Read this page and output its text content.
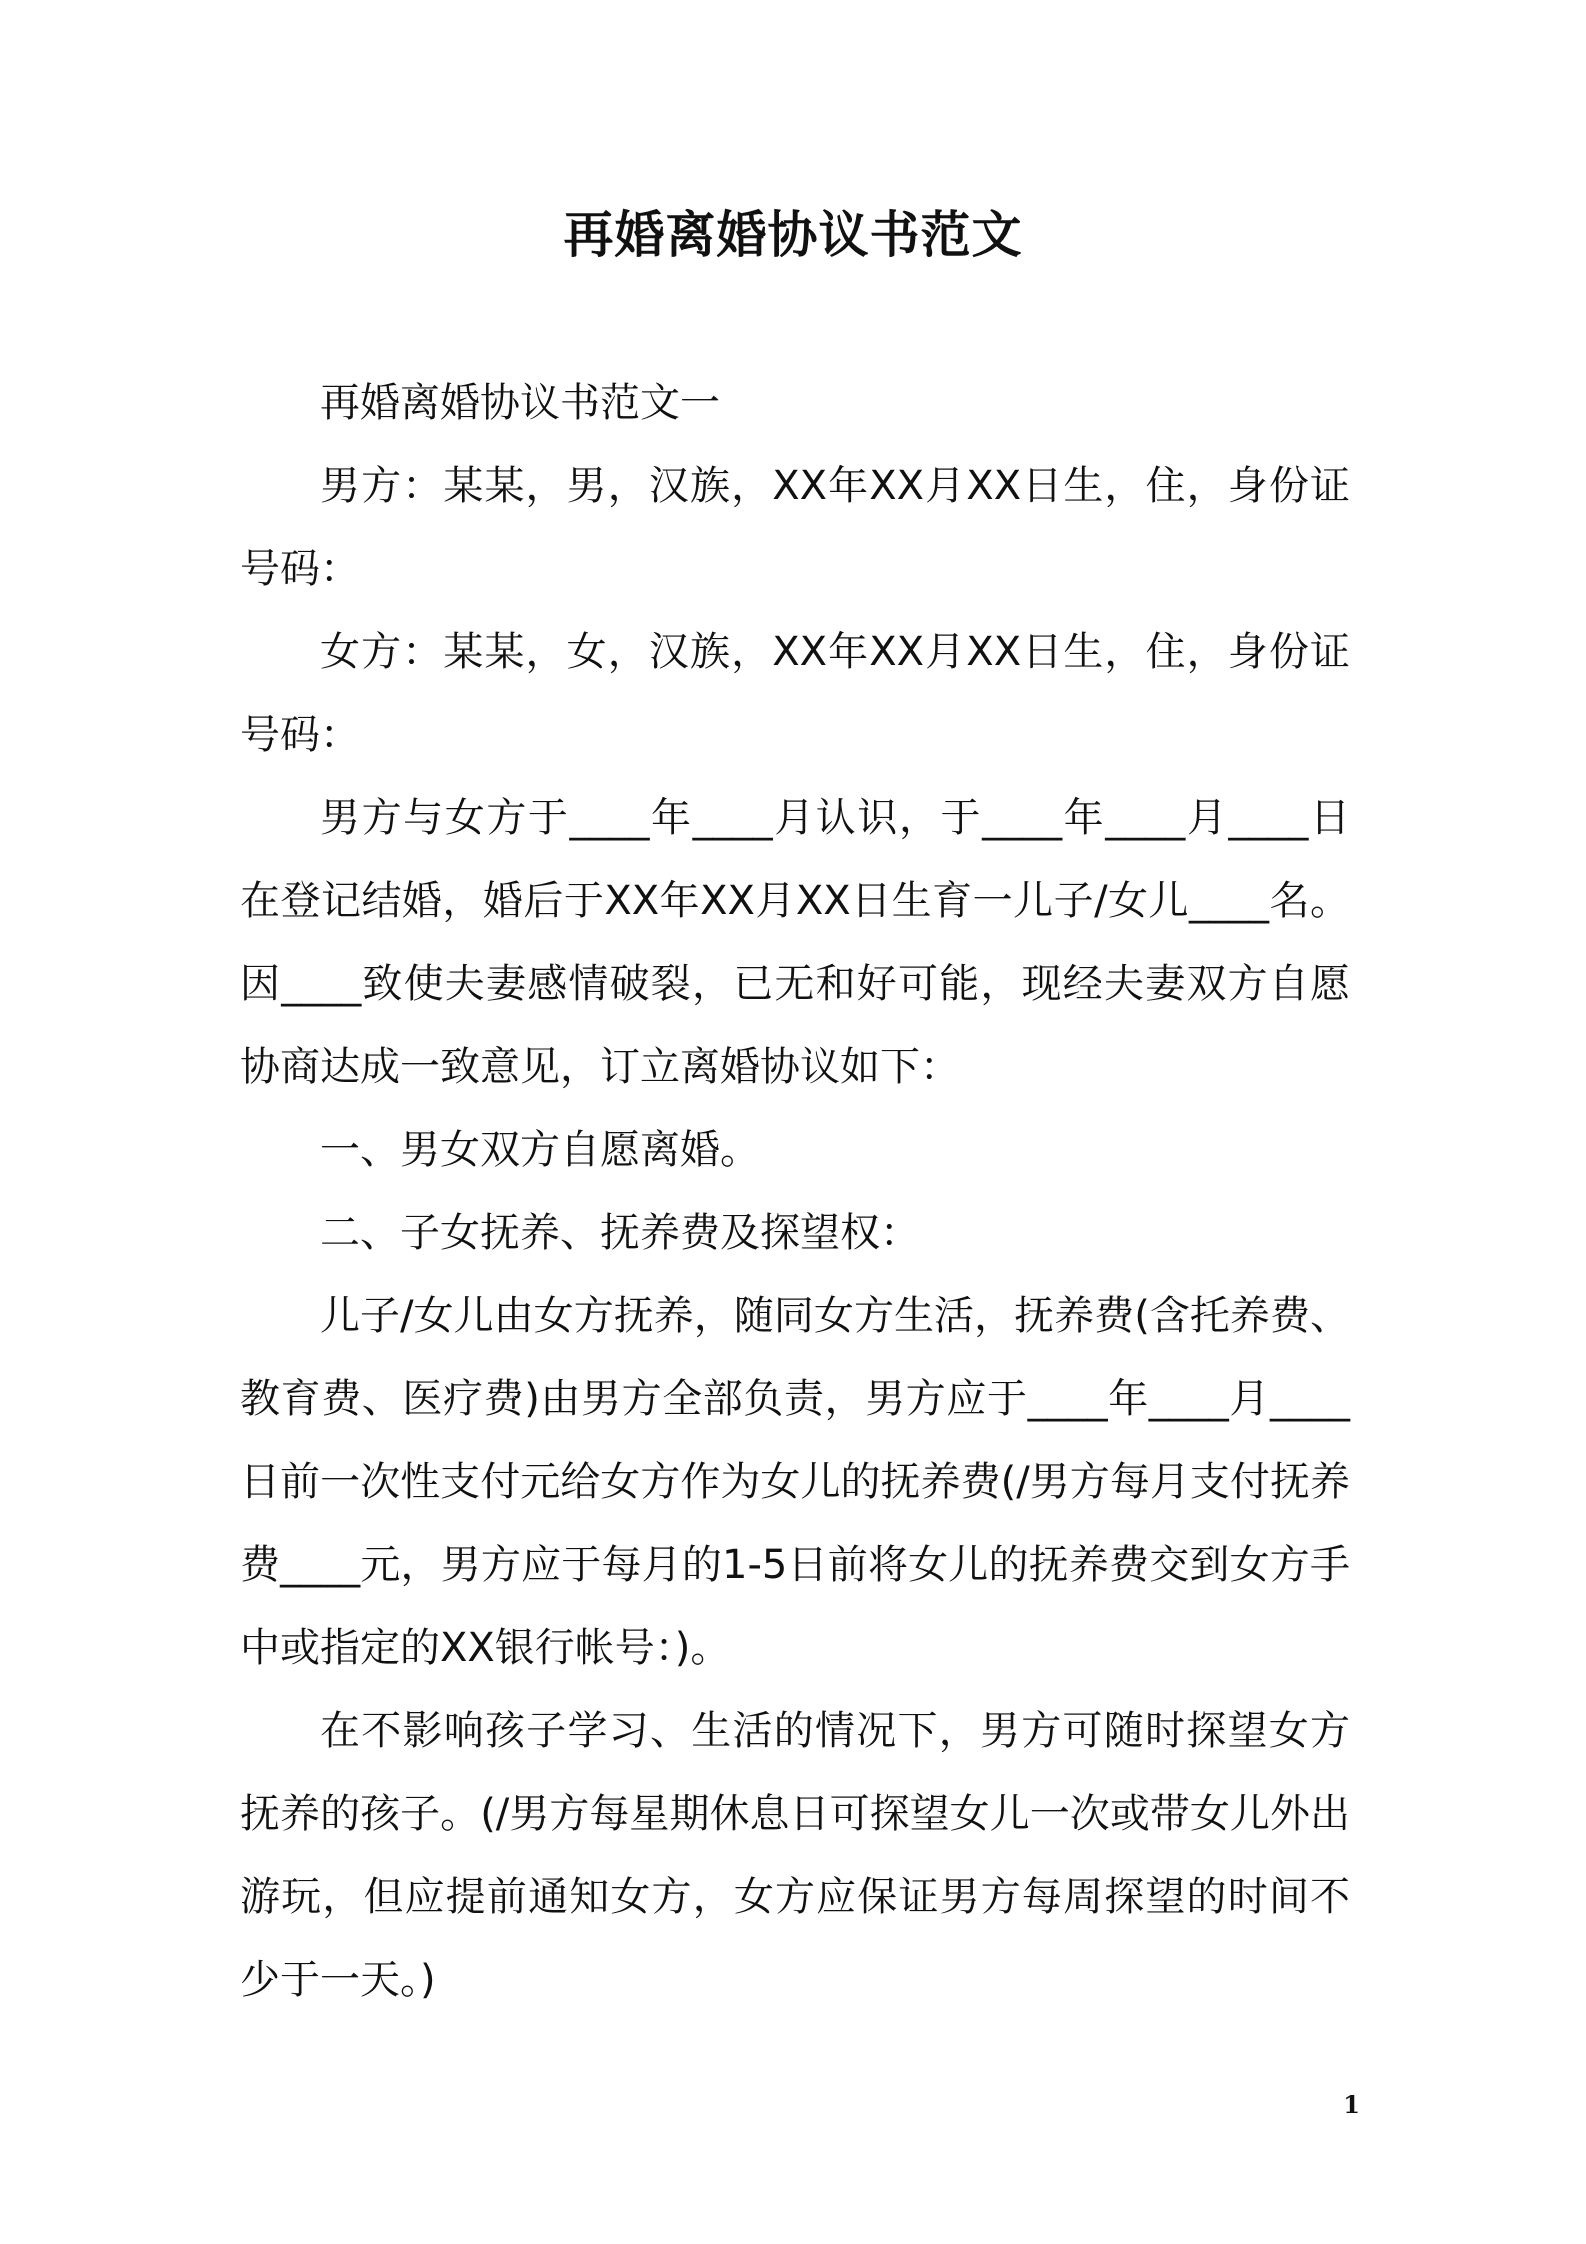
再婚离婚协议书范文

再婚离婚协议书范文一

男方：某某，男，汉族，XX年XX月XX日生，住，身份证号码：

女方：某某，女，汉族，XX年XX月XX日生，住，身份证号码：

男方与女方于____年____月认识，于____年____月____日在登记结婚，婚后于XX年XX月XX日生育一儿子/女儿____名。因____致使夫妻感情破裂，已无和好可能，现经夫妻双方自愿协商达成一致意见，订立离婚协议如下：

一、男女双方自愿离婚。

二、子女抚养、抚养费及探望权：

儿子/女儿由女方抚养，随同女方生活，抚养费(含托养费、教育费、医疗费)由男方全部负责，男方应于____年____月____日前一次性支付元给女方作为女儿的抚养费(/男方每月支付抚养费____元，男方应于每月的1-5日前将女儿的抚养费交到女方手中或指定的XX银行帐号：)。

在不影响孩子学习、生活的情况下，男方可随时探望女方抚养的孩子。(/男方每星期休息日可探望女儿一次或带女儿外出游玩，但应提前通知女方，女方应保证男方每周探望的时间不少于一天。)

1
